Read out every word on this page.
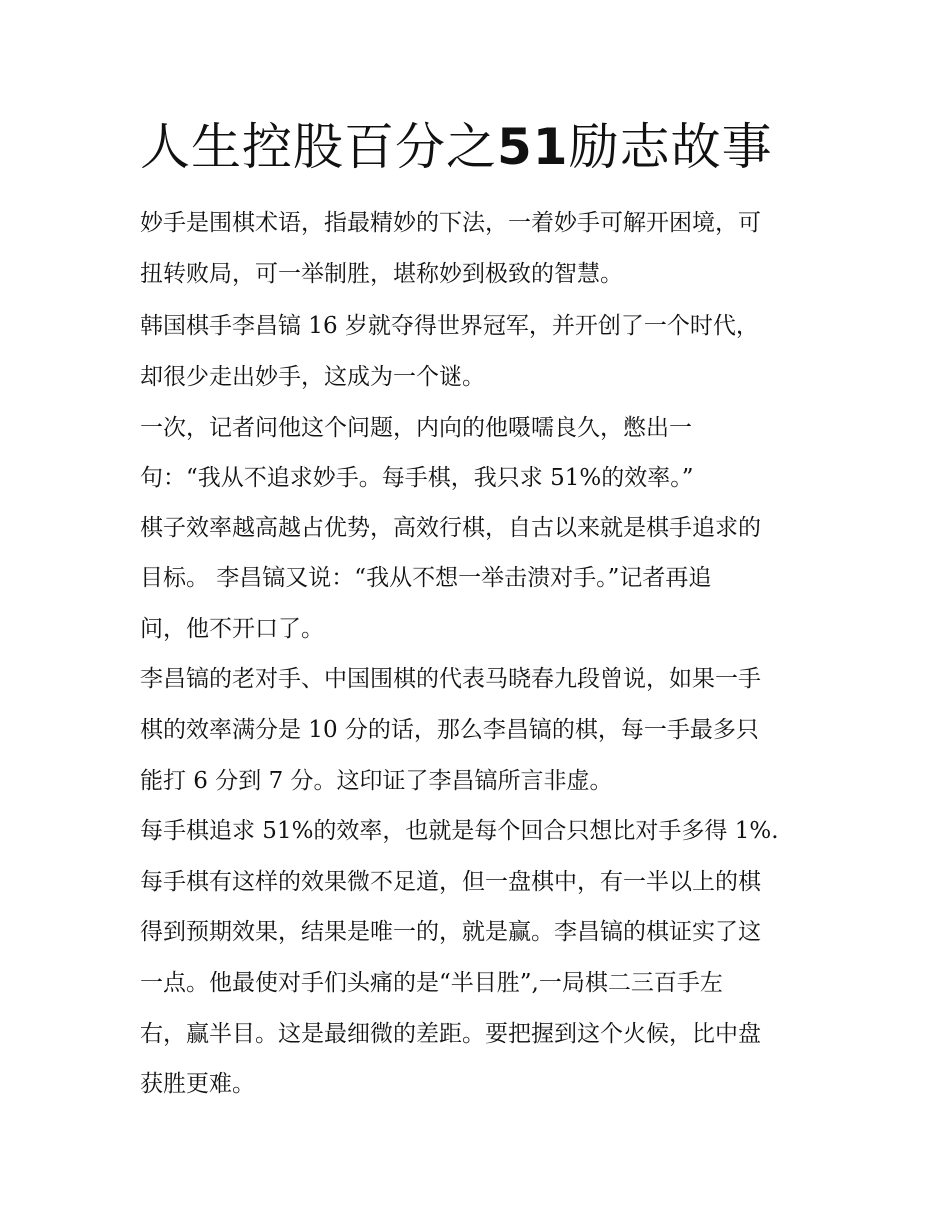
人生控股百分之51励志故事

妙手是围棋术语，指最精妙的下法，一着妙手可解开困境，可

扭转败局，可一举制胜，堪称妙到极致的智慧。

韩国棋手李昌镐 16 岁就夺得世界冠军，并开创了一个时代，

却很少走出妙手，这成为一个谜。

一次，记者问他这个问题，内向的他嗫嚅良久，憋出一

句：“我从不追求妙手。每手棋，我只求 51%的效率。”

棋子效率越高越占优势，高效行棋，自古以来就是棋手追求的

目标。 李昌镐又说：“我从不想一举击溃对手。”记者再追

问，他不开口了。

李昌镐的老对手、中国围棋的代表马晓春九段曾说，如果一手

棋的效率满分是 10 分的话，那么李昌镐的棋，每一手最多只

能打 6 分到 7 分。这印证了李昌镐所言非虚。

每手棋追求 51%的效率，也就是每个回合只想比对手多得 1%.

每手棋有这样的效果微不足道，但一盘棋中，有一半以上的棋

得到预期效果，结果是唯一的，就是赢。李昌镐的棋证实了这

一点。他最使对手们头痛的是“半目胜”,一局棋二三百手左

右，赢半目。这是最细微的差距。要把握到这个火候，比中盘

获胜更难。
